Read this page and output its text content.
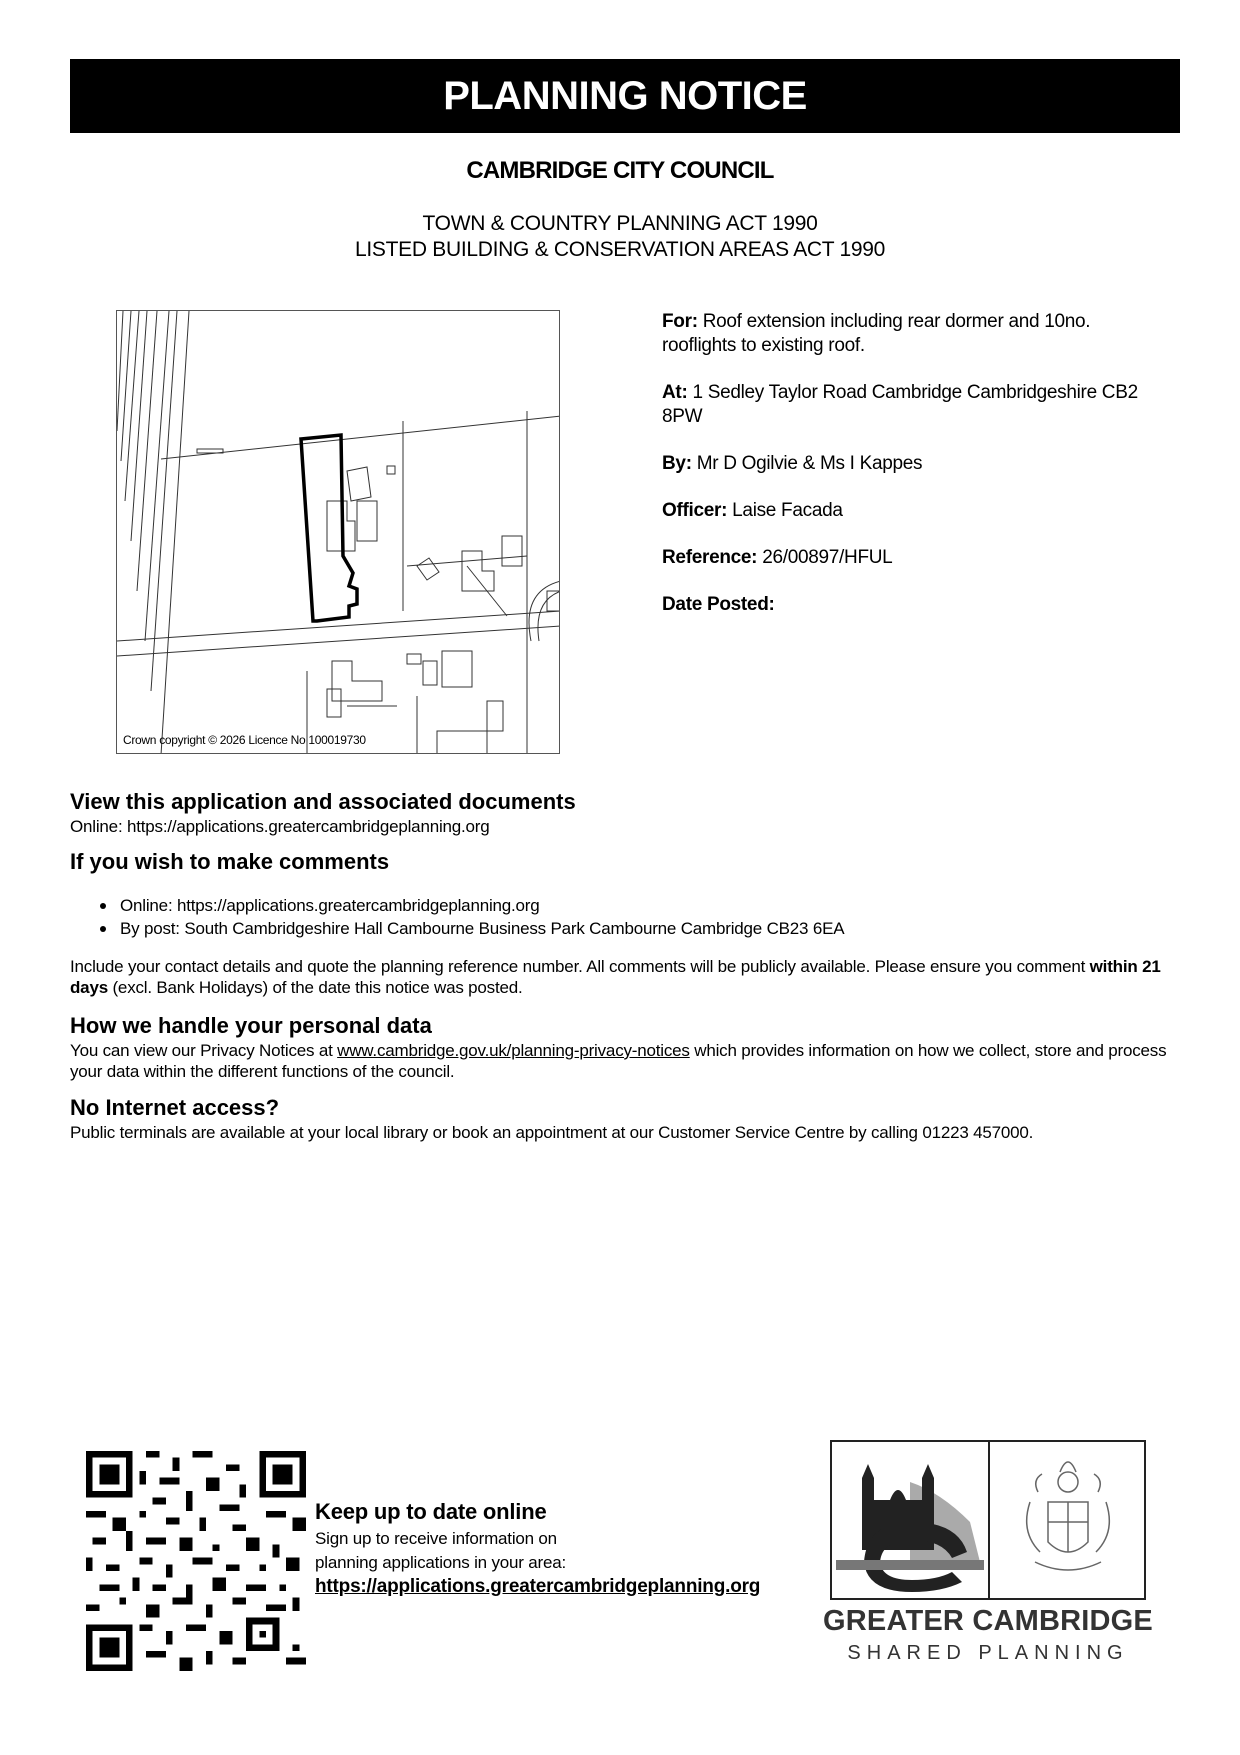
PLANNING NOTICE
CAMBRIDGE CITY COUNCIL
TOWN & COUNTRY PLANNING ACT 1990
LISTED BUILDING & CONSERVATION AREAS ACT 1990
Crown copyright © 2026 Licence No 100019730

For: Roof extension including rear dormer and 10no. rooflights to existing roof.

At: 1 Sedley Taylor Road Cambridge Cambridgeshire CB2 8PW

By: Mr D Ogilvie & Ms I Kappes

Officer: Laise Facada

Reference: 26/00897/HFUL

Date Posted:

View this application and associated documents
Online: https://applications.greatercambridgeplanning.org
If you wish to make comments
Online: https://applications.greatercambridgeplanning.org
By post: South Cambridgeshire Hall Cambourne Business Park Cambourne Cambridge CB23 6EA

Include your contact details and quote the planning reference number. All comments will be publicly available. Please ensure you comment within 21 days (excl. Bank Holidays) of the date this notice was posted.

How we handle your personal data
You can view our Privacy Notices at www.cambridge.gov.uk/planning-privacy-notices which provides information on how we collect, store and process your data within the different functions of the council.
No Internet access?
Public terminals are available at your local library or book an appointment at our Customer Service Centre by calling 01223 457000.
Keep up to date online
Sign up to receive information on
planning applications in your area:
https://applications.greatercambridgeplanning.org
GREATER CAMBRIDGE
SHARED PLANNING
